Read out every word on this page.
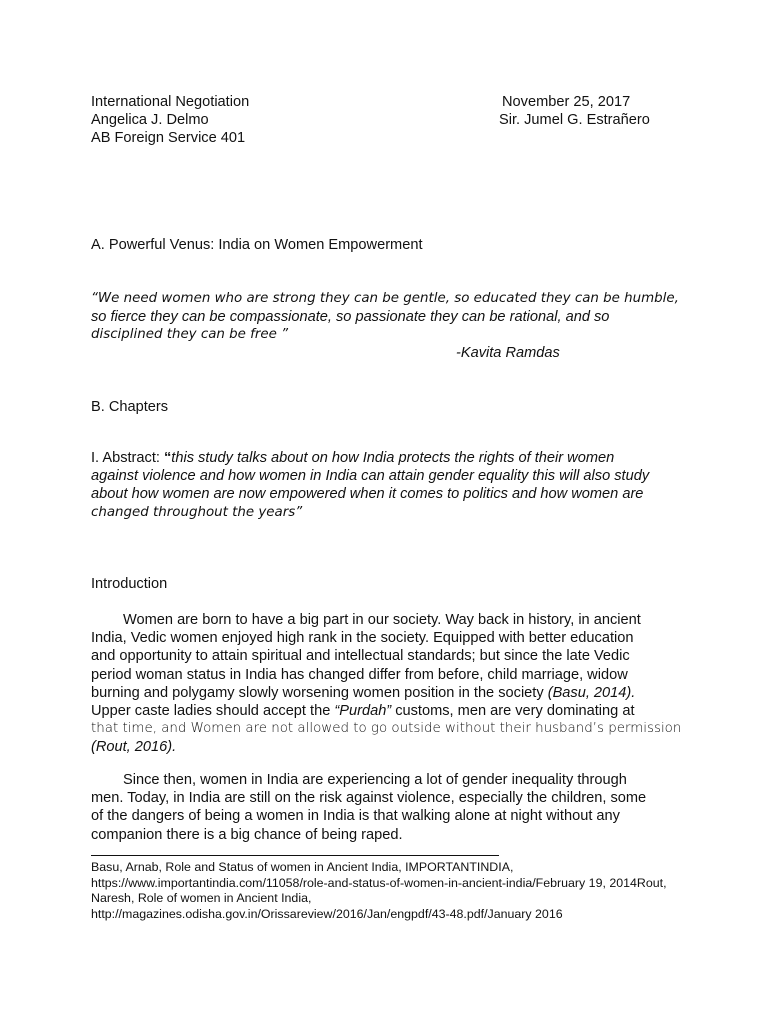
International Negotiation

Angelica J. Delmo

AB Foreign Service 401

November 25, 2017

Sir. Jumel G. Estrañero

A. Powerful Venus: India on Women Empowerment

“We need women who are strong they can be gentle, so educated they can be humble,
so fierce they can be compassionate, so passionate they can be rational, and so
disciplined they can be free ”

-Kavita Ramdas

B. Chapters

I. Abstract: “this study talks about on how India protects the rights of their women
against violence and how women in India can attain gender equality this will also study
about how women are now empowered when it comes to politics and how women are
changed throughout the years”

Introduction

Women are born to have a big part in our society. Way back in history, in ancient
India, Vedic women enjoyed high rank in the society. Equipped with better education
and opportunity to attain spiritual and intellectual standards; but since the late Vedic
period woman status in India has changed differ from before, child marriage, widow
burning and polygamy slowly worsening women position in the society (Basu, 2014).
Upper caste ladies should accept the “Purdah” customs, men are very dominating at
that time, and Women are not allowed to go outside without their husband’s permission
(Rout, 2016).
Since then, women in India are experiencing a lot of gender inequality through
men. Today, in India are still on the risk against violence, especially the children, some
of the dangers of being a women in India is that walking alone at night without any
companion there is a big chance of being raped.
Basu, Arnab, Role and Status of women in Ancient India, IMPORTANTINDIA,
https://www.importantindia.com/11058/role-and-status-of-women-in-ancient-india/February 19, 2014Rout,
Naresh, Role of women in Ancient India,
http://magazines.odisha.gov.in/Orissareview/2016/Jan/engpdf/43-48.pdf/January 2016
